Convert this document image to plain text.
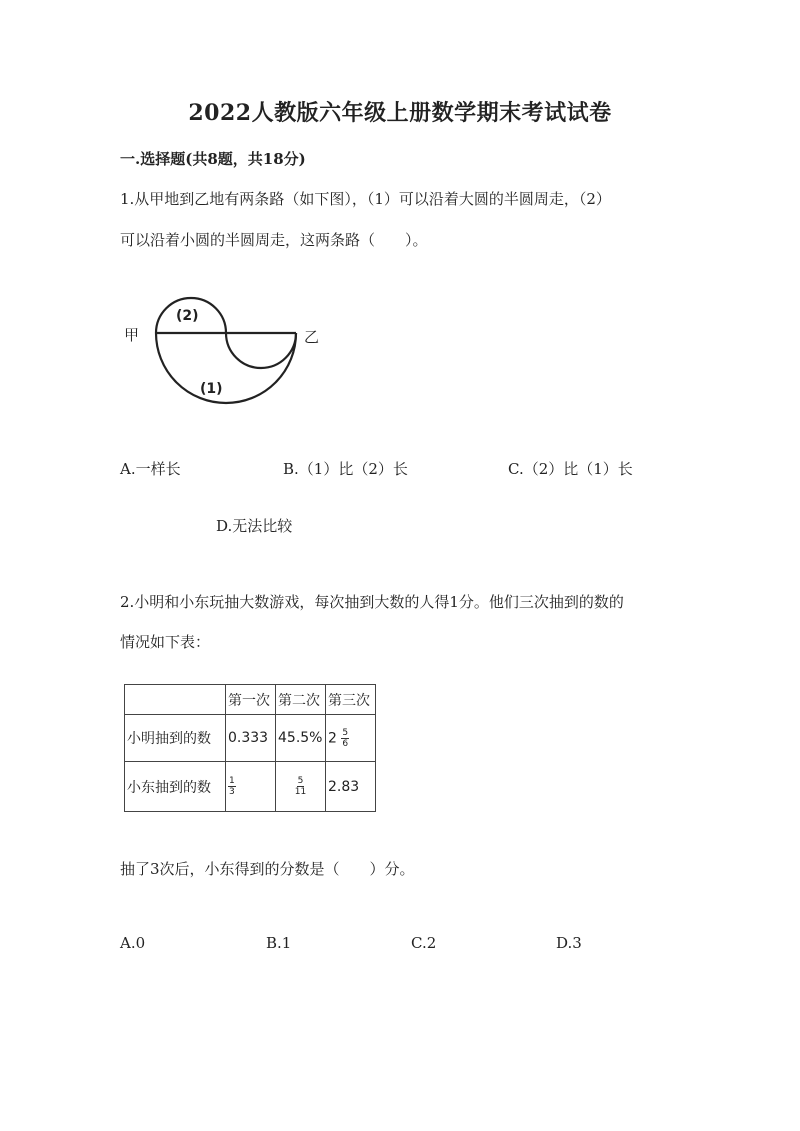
2022人教版六年级上册数学期末考试试卷
一.选择题(共8题，共18分)
1.从甲地到乙地有两条路（如下图），（1）可以沿着大圆的半圆周走，（2）
可以沿着小圆的半圆周走，这两条路（　　）。
甲	乙
(2)
(1)
A.一样长	B.（1）比（2）长	C.（2）比（1）长
D.无法比较
2.小明和小东玩抽大数游戏，每次抽到大数的人得1分。他们三次抽到的数的
情况如下表：
	第一次	第二次	第三次
小明抽到的数	0.333	45.5%	$2 \frac{5}{6}$

小东抽到的数	$\frac{1}{3}$	$\frac{5}{11}$	2.83
抽了3次后，小东得到的分数是（　　）分。
A.0	B.1	C.2	D.3
